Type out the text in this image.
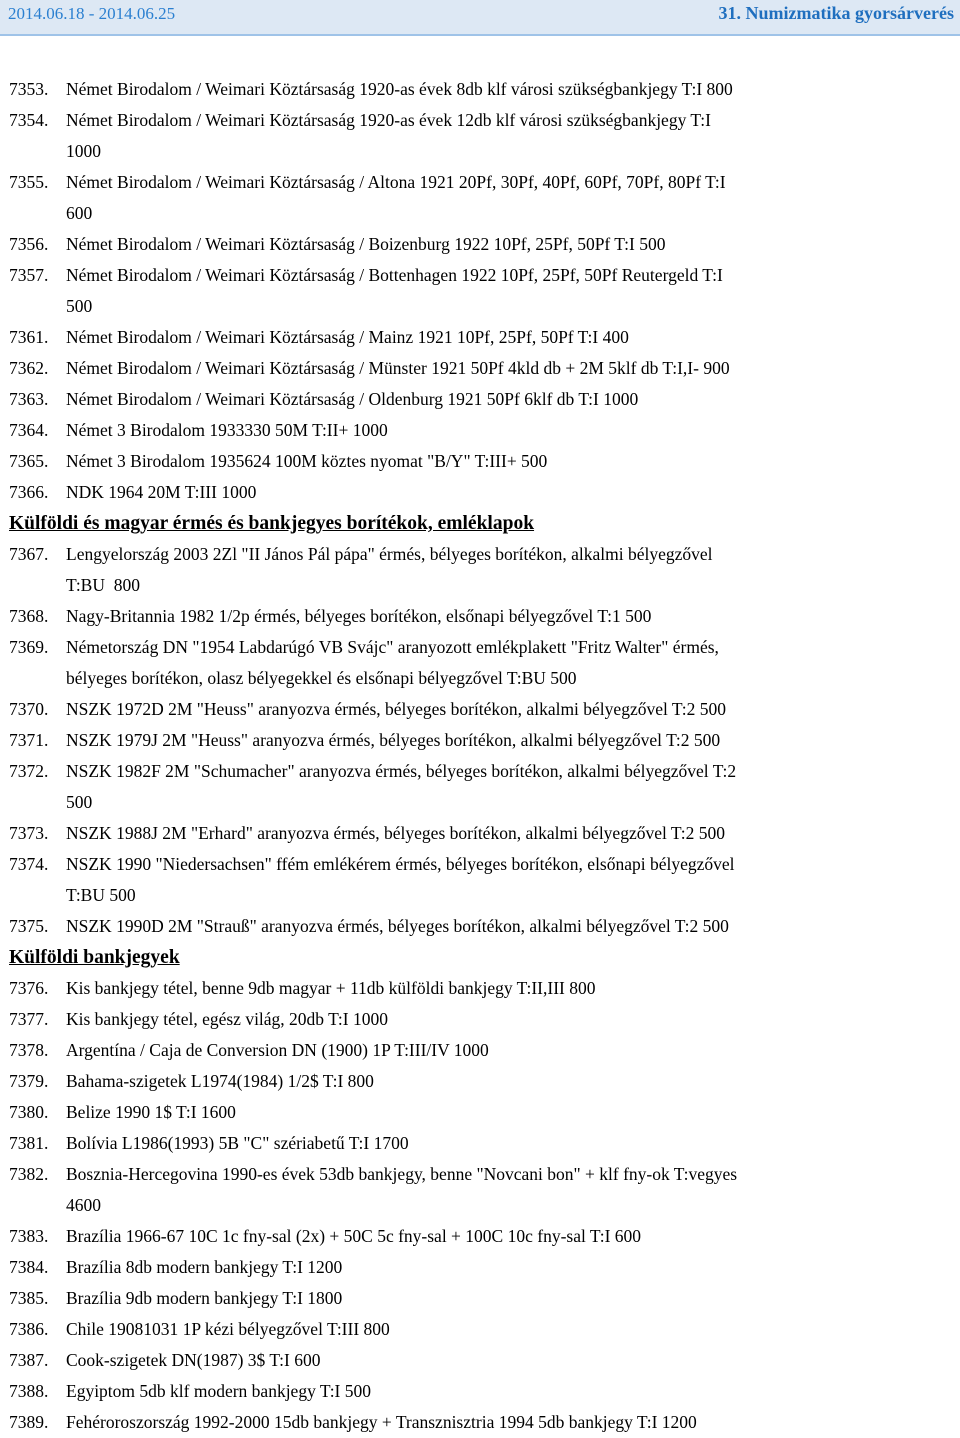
2014.06.18 - 2014.06.25	31. Numizmatika gyorsárverés
7353.	Német Birodalom / Weimari Köztársaság 1920-as évek 8db klf városi szükségbankjegy T:I 800
7354.	Német Birodalom / Weimari Köztársaság 1920-as évek 12db klf városi szükségbankjegy T:I
1000
7355.	Német Birodalom / Weimari Köztársaság / Altona 1921 20Pf, 30Pf, 40Pf, 60Pf, 70Pf, 80Pf T:I
600
7356.	Német Birodalom / Weimari Köztársaság / Boizenburg 1922 10Pf, 25Pf, 50Pf T:I 500
7357.	Német Birodalom / Weimari Köztársaság / Bottenhagen 1922 10Pf, 25Pf, 50Pf Reutergeld T:I
500
7361.	Német Birodalom / Weimari Köztársaság / Mainz 1921 10Pf, 25Pf, 50Pf T:I 400
7362.	Német Birodalom / Weimari Köztársaság / Münster 1921 50Pf 4kld db + 2M 5klf db T:I,I- 900
7363.	Német Birodalom / Weimari Köztársaság / Oldenburg 1921 50Pf 6klf db T:I 1000
7364.	Német 3 Birodalom 1933330 50M T:II+ 1000
7365.	Német 3 Birodalom 1935624 100M köztes nyomat "B/Y" T:III+ 500
7366.	NDK 1964 20M T:III 1000
Külföldi és magyar érmés és bankjegyes borítékok, emléklapok
7367.	Lengyelország 2003 2Zl "II János Pál pápa" érmés, bélyeges borítékon, alkalmi bélyegzővel
T:BU  800
7368.	Nagy-Britannia 1982 1/2p érmés, bélyeges borítékon, elsőnapi bélyegzővel T:1 500
7369.	Németország DN "1954 Labdarúgó VB Svájc" aranyozott emlékplakett "Fritz Walter" érmés,
bélyeges borítékon, olasz bélyegekkel és elsőnapi bélyegzővel T:BU 500
7370.	NSZK 1972D 2M "Heuss" aranyozva érmés, bélyeges borítékon, alkalmi bélyegzővel T:2 500
7371.	NSZK 1979J 2M "Heuss" aranyozva érmés, bélyeges borítékon, alkalmi bélyegzővel T:2 500
7372.	NSZK 1982F 2M "Schumacher" aranyozva érmés, bélyeges borítékon, alkalmi bélyegzővel T:2
500
7373.	NSZK 1988J 2M "Erhard" aranyozva érmés, bélyeges borítékon, alkalmi bélyegzővel T:2 500
7374.	NSZK 1990 "Niedersachsen" ffém emlékérem érmés, bélyeges borítékon, elsőnapi bélyegzővel
T:BU 500
7375.	NSZK 1990D 2M "Strauß" aranyozva érmés, bélyeges borítékon, alkalmi bélyegzővel T:2 500
Külföldi bankjegyek
7376.	Kis bankjegy tétel, benne 9db magyar + 11db külföldi bankjegy T:II,III 800
7377.	Kis bankjegy tétel, egész világ, 20db T:I 1000
7378.	Argentína / Caja de Conversion DN (1900) 1P T:III/IV 1000
7379.	Bahama-szigetek L1974(1984) 1/2$ T:I 800
7380.	Belize 1990 1$ T:I 1600
7381.	Bolívia L1986(1993) 5B "C" szériabetű T:I 1700
7382.	Bosznia-Hercegovina 1990-es évek 53db bankjegy, benne "Novcani bon" + klf fny-ok T:vegyes
4600
7383.	Brazília 1966-67 10C 1c fny-sal (2x) + 50C 5c fny-sal + 100C 10c fny-sal T:I 600
7384.	Brazília 8db modern bankjegy T:I 1200
7385.	Brazília 9db modern bankjegy T:I 1800
7386.	Chile 19081031 1P kézi bélyegzővel T:III 800
7387.	Cook-szigetek DN(1987) 3$ T:I 600
7388.	Egyiptom 5db klf modern bankjegy T:I 500
7389.	Fehéroroszország 1992-2000 15db bankjegy + Transznisztria 1994 5db bankjegy T:I 1200
